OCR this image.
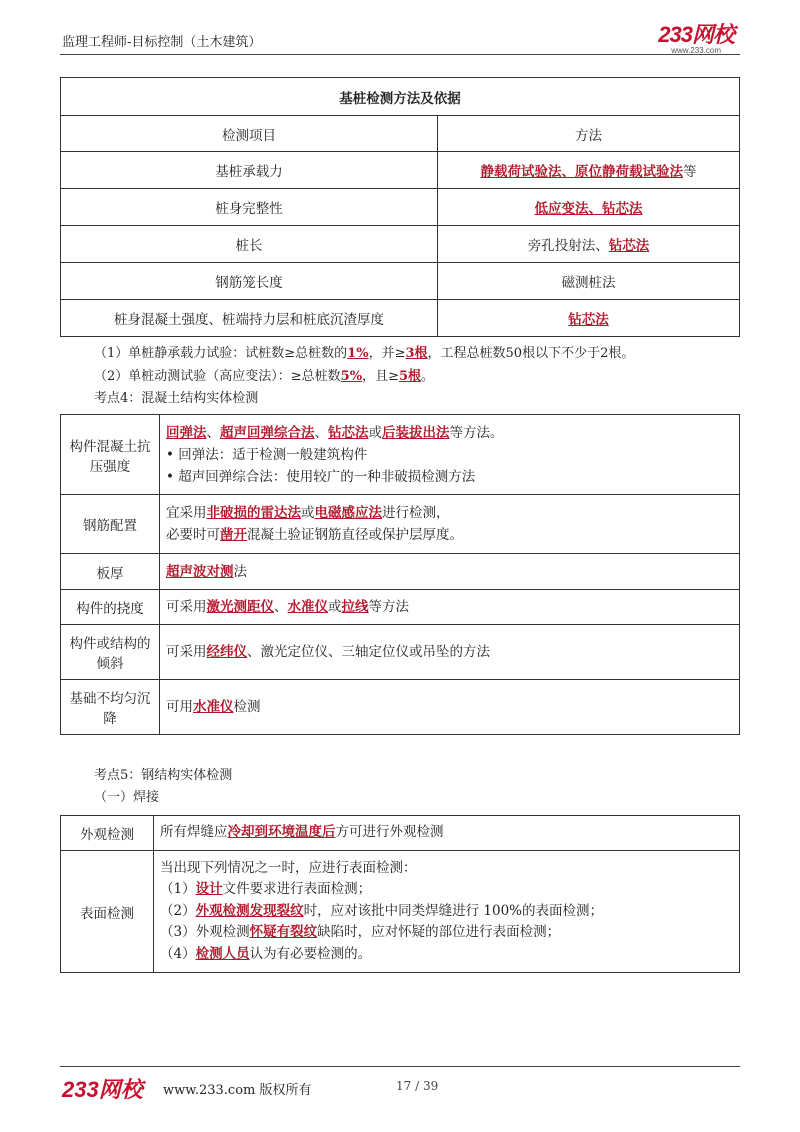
监理工程师-目标控制（土木建筑）	233网校
www.233.com
基桩检测方法及依据	
检测项目	方法
基桩承载力	静载荷试验法、原位静荷载试验法等
桩身完整性	低应变法、钻芯法
桩长	旁孔投射法、钻芯法
钢筋笼长度	磁测桩法
桩身混凝土强度、桩端持力层和桩底沉渣厚度	钻芯法
（1）单桩静承载力试验：试桩数≥总桩数的1%，并≥3根，工程总桩数50根以下不少于2根。
（2）单桩动测试验（高应变法）：≥总桩数5%，且≥5根。
考点4：混凝土结构实体检测
构件混凝土抗压强度	回弹法、超声回弹综合法、钻芯法或后装拔出法等方法。
• 回弹法：适于检测一般建筑构件
• 超声回弹综合法：使用较广的一种非破损检测方法

钢筋配置	宜采用非破损的雷达法或电磁感应法进行检测，
必要时可凿开混凝土验证钢筋直径或保护层厚度。

板厚	超声波对测法
构件的挠度	可采用激光测距仪、水准仪或拉线等方法
构件或结构的倾斜	可采用经纬仪、激光定位仪、三轴定位仪或吊坠的方法
基础不均匀沉降	可用水准仪检测
考点5：钢结构实体检测
（一）焊接
外观检测	所有焊缝应冷却到环境温度后方可进行外观检测
表面检测	当出现下列情况之一时，应进行表面检测：
（1）设计文件要求进行表面检测；
（2）外观检测发现裂纹时，应对该批中同类焊缝进行 100%的表面检测；
（3）外观检测怀疑有裂纹缺陷时，应对怀疑的部位进行表面检测；
（4）检测人员认为有必要检测的。
233网校 www.233.com 版权所有	17 / 39
